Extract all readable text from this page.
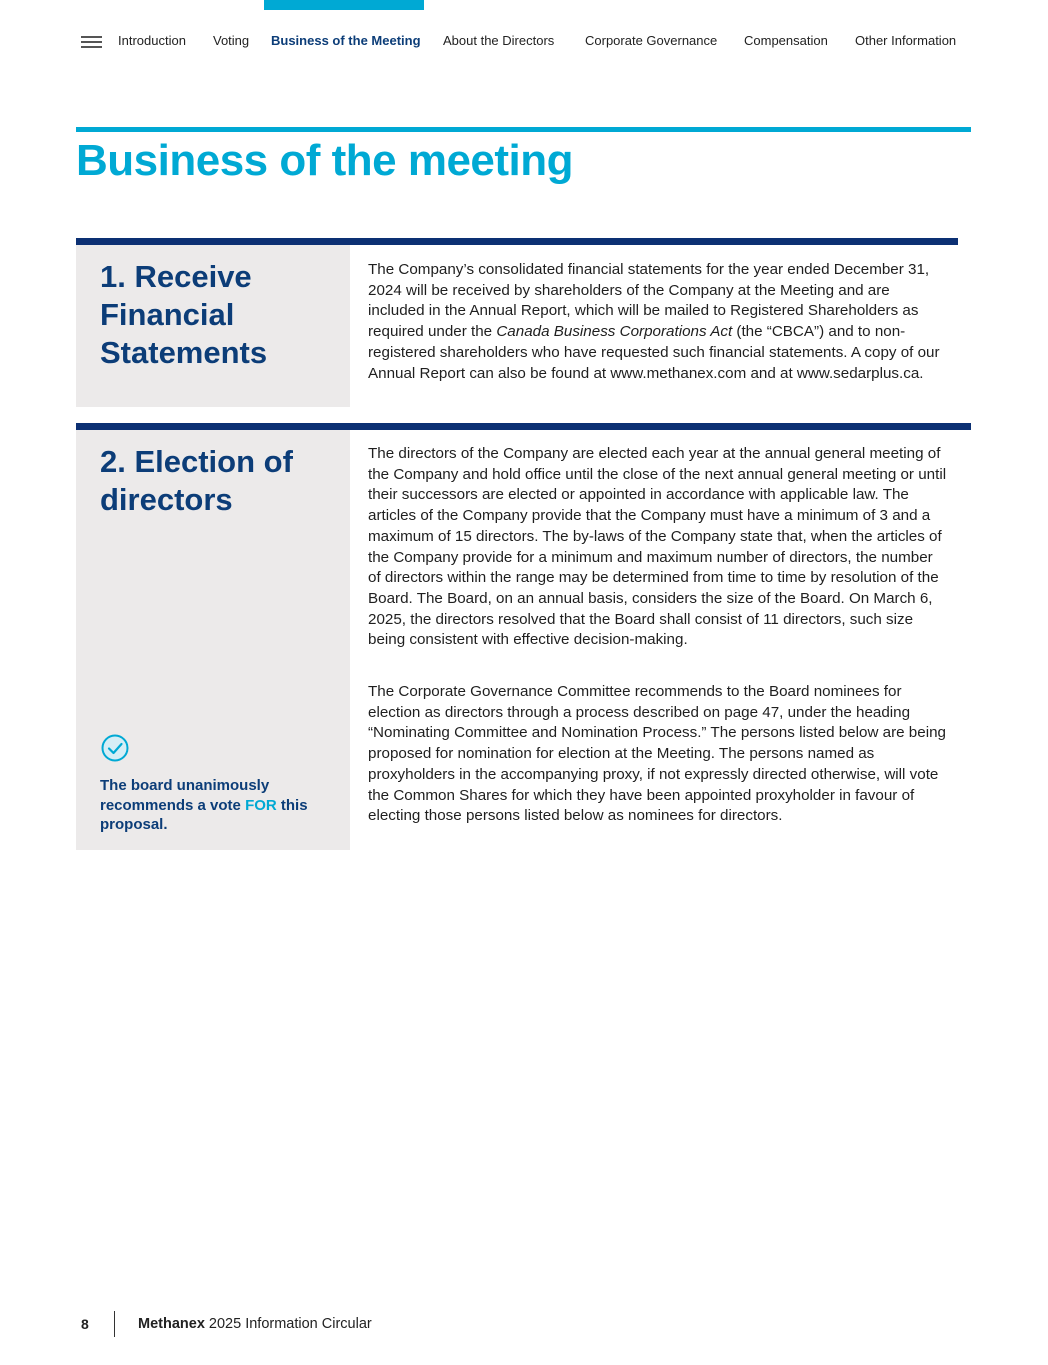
Introduction Voting Business of the Meeting About the Directors Corporate Governance Compensation Other Information
Business of the meeting
1. Receive Financial Statements

The Company’s consolidated financial statements for the year ended December 31, 2024 will be received by shareholders of the Company at the Meeting and are included in the Annual Report, which will be mailed to Registered Shareholders as required under the Canada Business Corporations Act (the “CBCA”) and to non-registered shareholders who have requested such financial statements. A copy of our Annual Report can also be found at www.methanex.com and at www.sedarplus.ca.

2. Election of directors

The directors of the Company are elected each year at the annual general meeting of the Company and hold office until the close of the next annual general meeting or until their successors are elected or appointed in accordance with applicable law. The articles of the Company provide that the Company must have a minimum of 3 and a maximum of 15 directors. The by-laws of the Company state that, when the articles of the Company provide for a minimum and maximum number of directors, the number of directors within the range may be determined from time to time by resolution of the Board. The Board, on an annual basis, considers the size of the Board. On March 6, 2025, the directors resolved that the Board shall consist of 11 directors, such size being consistent with effective decision-making.

The Corporate Governance Committee recommends to the Board nominees for election as directors through a process described on page 47, under the heading “Nominating Committee and Nomination Process.” The persons listed below are being proposed for nomination for election at the Meeting. The persons named as proxyholders in the accompanying proxy, if not expressly directed otherwise, will vote the Common Shares for which they have been appointed proxyholder in favour of electing those persons listed below as nominees for directors.

The board unanimously recommends a vote FOR this proposal.

8	Methanex 2025 Information Circular
